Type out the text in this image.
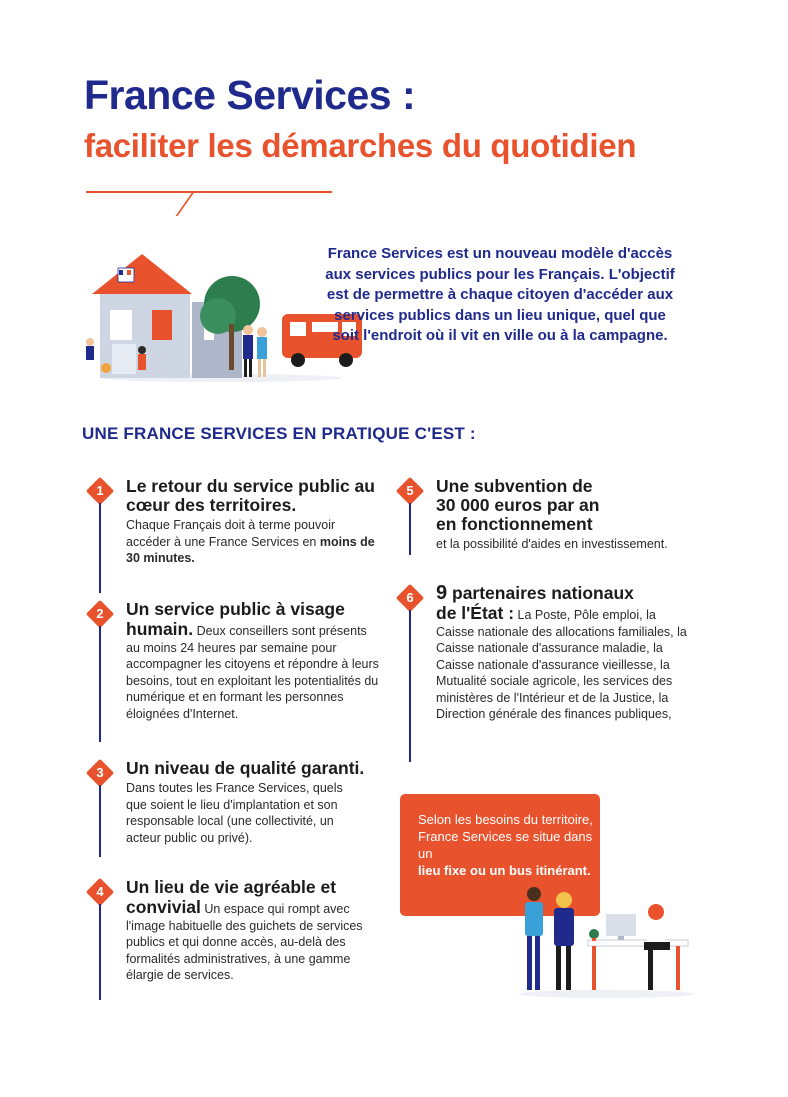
France Services :
faciliter les démarches du quotidien

France Services est un nouveau modèle d'accès aux services publics pour les Français. L'objectif est de permettre à chaque citoyen d'accéder aux services publics dans un lieu unique, quel que soit l'endroit où il vit en ville ou à la campagne.

UNE FRANCE SERVICES EN PRATIQUE C'EST :
1	Le retour du service public au cœur des territoires.

Chaque Français doit à terme pouvoir accéder à une France Services en moins de 30 minutes.

2	Un service public à visage

humain. Deux conseillers sont présents au moins 24 heures par semaine pour accompagner les citoyens et répondre à leurs besoins, tout en exploitant les potentialités du numérique et en formant les personnes éloignées d'Internet.

3	Un niveau de qualité garanti.

Dans toutes les France Services, quels que soient le lieu d'implantation et son responsable local (une collectivité, un acteur public ou privé).

4	Un lieu de vie agréable et

convivial Un espace qui rompt avec l'image habituelle des guichets de services publics et qui donne accès, au-delà des formalités administratives, à une gamme élargie de services.

5	Une subvention de 30 000 euros par an en fonctionnement

et la possibilité d'aides en investissement.

6	9 partenaires nationaux

de l'État : La Poste, Pôle emploi, la Caisse nationale des allocations familiales, la Caisse nationale d'assurance maladie, la Caisse nationale d'assurance vieillesse, la Mutualité sociale agricole, les services des ministères de l'Intérieur et de la Justice, la Direction générale des finances publiques,

Selon les besoins du territoire, France Services se situe dans un
lieu fixe ou un bus itinérant.
